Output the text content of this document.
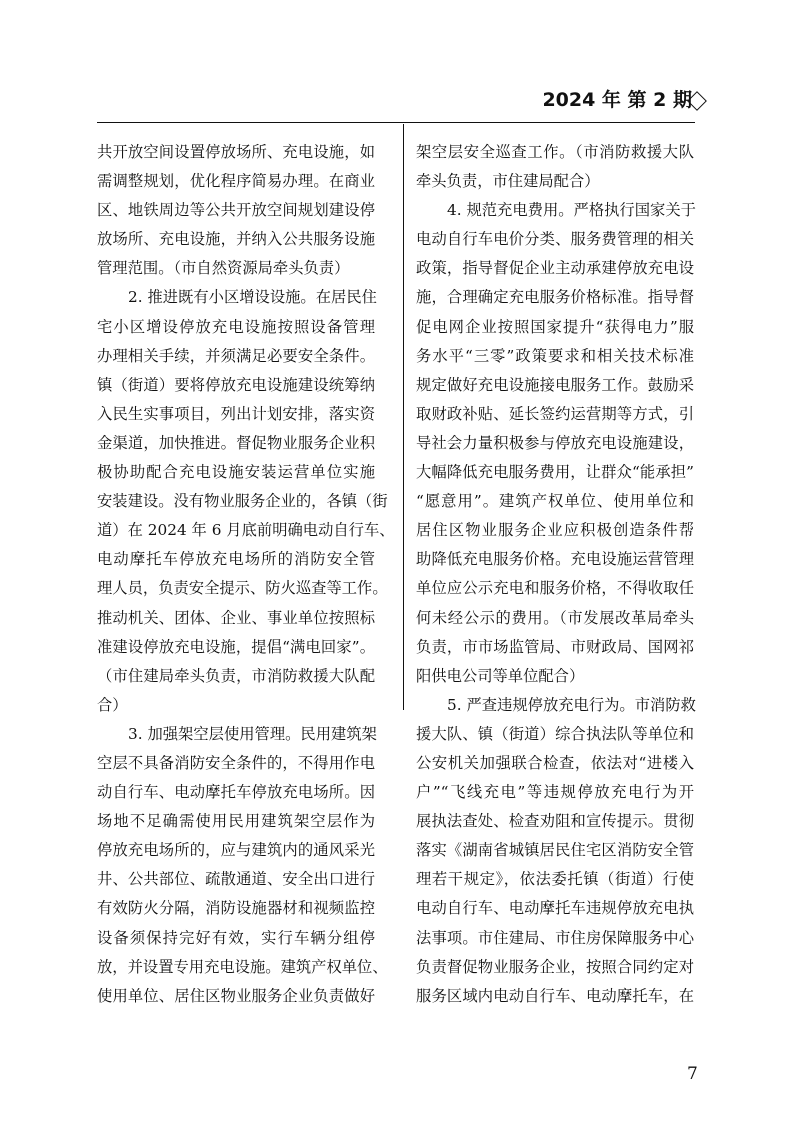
2024 年 第 2 期
共开放空间设置停放场所、充电设施，如
需调整规划，优化程序简易办理。在商业
区、地铁周边等公共开放空间规划建设停
放场所、充电设施，并纳入公共服务设施
管理范围。（市自然资源局牵头负责）
2. 推进既有小区增设设施。在居民住
宅小区增设停放充电设施按照设备管理
办理相关手续，并须满足必要安全条件。
镇（街道）要将停放充电设施建设统筹纳
入民生实事项目，列出计划安排，落实资
金渠道，加快推进。督促物业服务企业积
极协助配合充电设施安装运营单位实施
安装建设。没有物业服务企业的，各镇（街
道）在 2024 年 6 月底前明确电动自行车、
电动摩托车停放充电场所的消防安全管
理人员，负责安全提示、防火巡查等工作。
推动机关、团体、企业、事业单位按照标
准建设停放充电设施，提倡“满电回家”。
（市住建局牵头负责，市消防救援大队配
合）
3. 加强架空层使用管理。民用建筑架
空层不具备消防安全条件的，不得用作电
动自行车、电动摩托车停放充电场所。因
场地不足确需使用民用建筑架空层作为
停放充电场所的，应与建筑内的通风采光
井、公共部位、疏散通道、安全出口进行
有效防火分隔，消防设施器材和视频监控
设备须保持完好有效，实行车辆分组停
放，并设置专用充电设施。建筑产权单位、
使用单位、居住区物业服务企业负责做好
架空层安全巡查工作。（市消防救援大队
牵头负责，市住建局配合）
4. 规范充电费用。严格执行国家关于
电动自行车电价分类、服务费管理的相关
政策，指导督促企业主动承建停放充电设
施，合理确定充电服务价格标准。指导督
促电网企业按照国家提升“获得电力”服
务水平“三零”政策要求和相关技术标准
规定做好充电设施接电服务工作。鼓励采
取财政补贴、延长签约运营期等方式，引
导社会力量积极参与停放充电设施建设，
大幅降低充电服务费用，让群众“能承担”
“愿意用”。建筑产权单位、使用单位和
居住区物业服务企业应积极创造条件帮
助降低充电服务价格。充电设施运营管理
单位应公示充电和服务价格，不得收取任
何未经公示的费用。（市发展改革局牵头
负责，市市场监管局、市财政局、国网祁
阳供电公司等单位配合）
5. 严查违规停放充电行为。市消防救
援大队、镇（街道）综合执法队等单位和
公安机关加强联合检查，依法对“进楼入
户”“飞线充电”等违规停放充电行为开
展执法查处、检查劝阻和宣传提示。贯彻
落实《湖南省城镇居民住宅区消防安全管
理若干规定》，依法委托镇（街道）行使
电动自行车、电动摩托车违规停放充电执
法事项。市住建局、市住房保障服务中心
负责督促物业服务企业，按照合同约定对
服务区域内电动自行车、电动摩托车，在
7
